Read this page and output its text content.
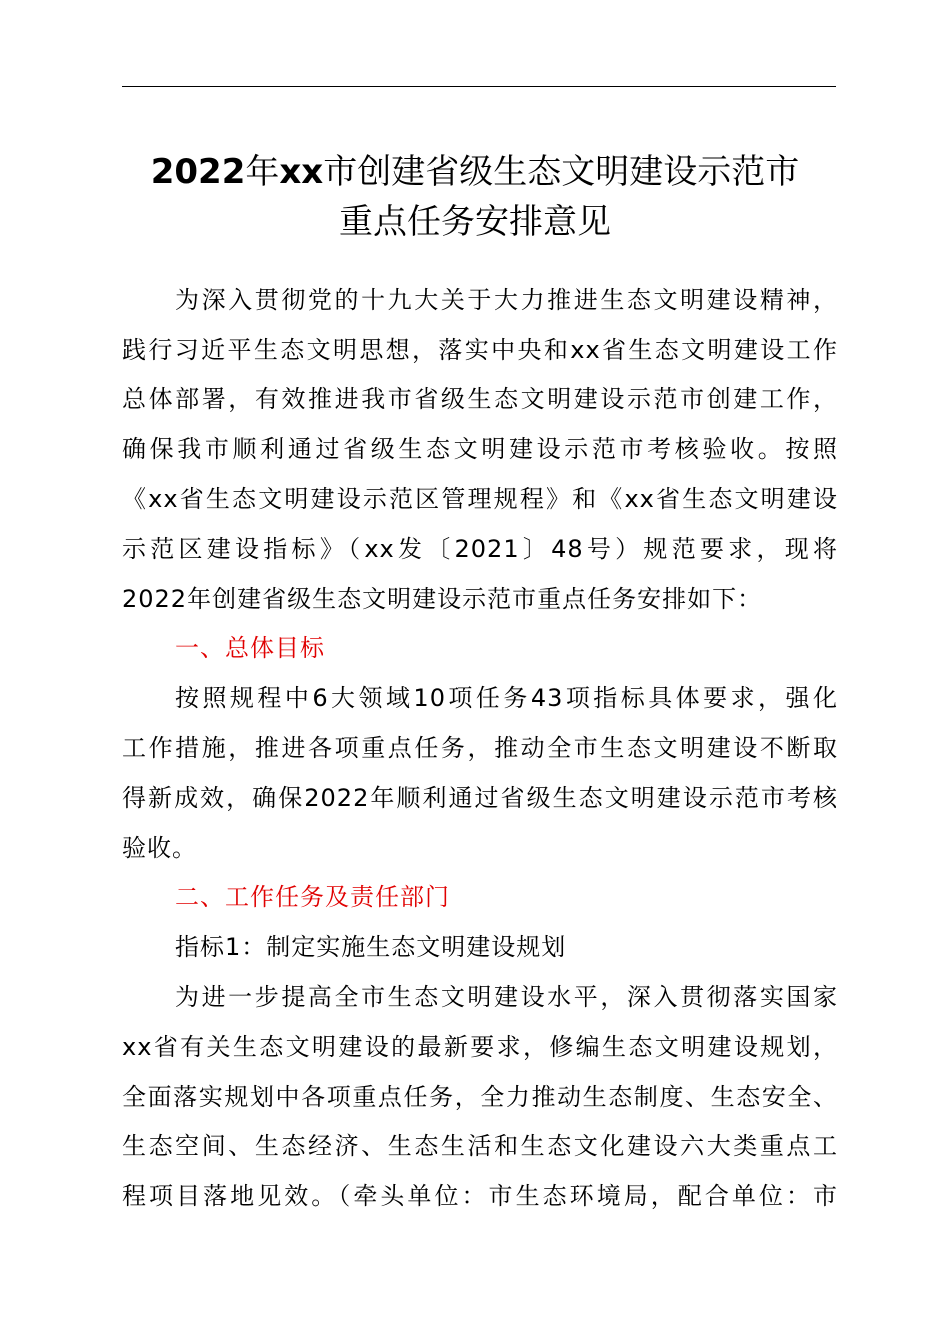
2022年xx市创建省级生态文明建设示范市
重点任务安排意见
为深入贯彻党的十九大关于大力推进生态文明建设精神，
践行习近平生态文明思想，落实中央和xx省生态文明建设工作
总体部署，有效推进我市省级生态文明建设示范市创建工作，
确保我市顺利通过省级生态文明建设示范市考核验收。按照
《xx省生态文明建设示范区管理规程》和《xx省生态文明建设
示范区建设指标》（xx发〔2021〕48号）规范要求，现将
2022年创建省级生态文明建设示范市重点任务安排如下：
一、总体目标
按照规程中6大领域10项任务43项指标具体要求，强化
工作措施，推进各项重点任务，推动全市生态文明建设不断取
得新成效，确保2022年顺利通过省级生态文明建设示范市考核
验收。
二、工作任务及责任部门
指标1：制定实施生态文明建设规划
为进一步提高全市生态文明建设水平，深入贯彻落实国家
xx省有关生态文明建设的最新要求，修编生态文明建设规划，
全面落实规划中各项重点任务，全力推动生态制度、生态安全、
生态空间、生态经济、生态生活和生态文化建设六大类重点工
程项目落地见效。（牵头单位：市生态环境局，配合单位：市
